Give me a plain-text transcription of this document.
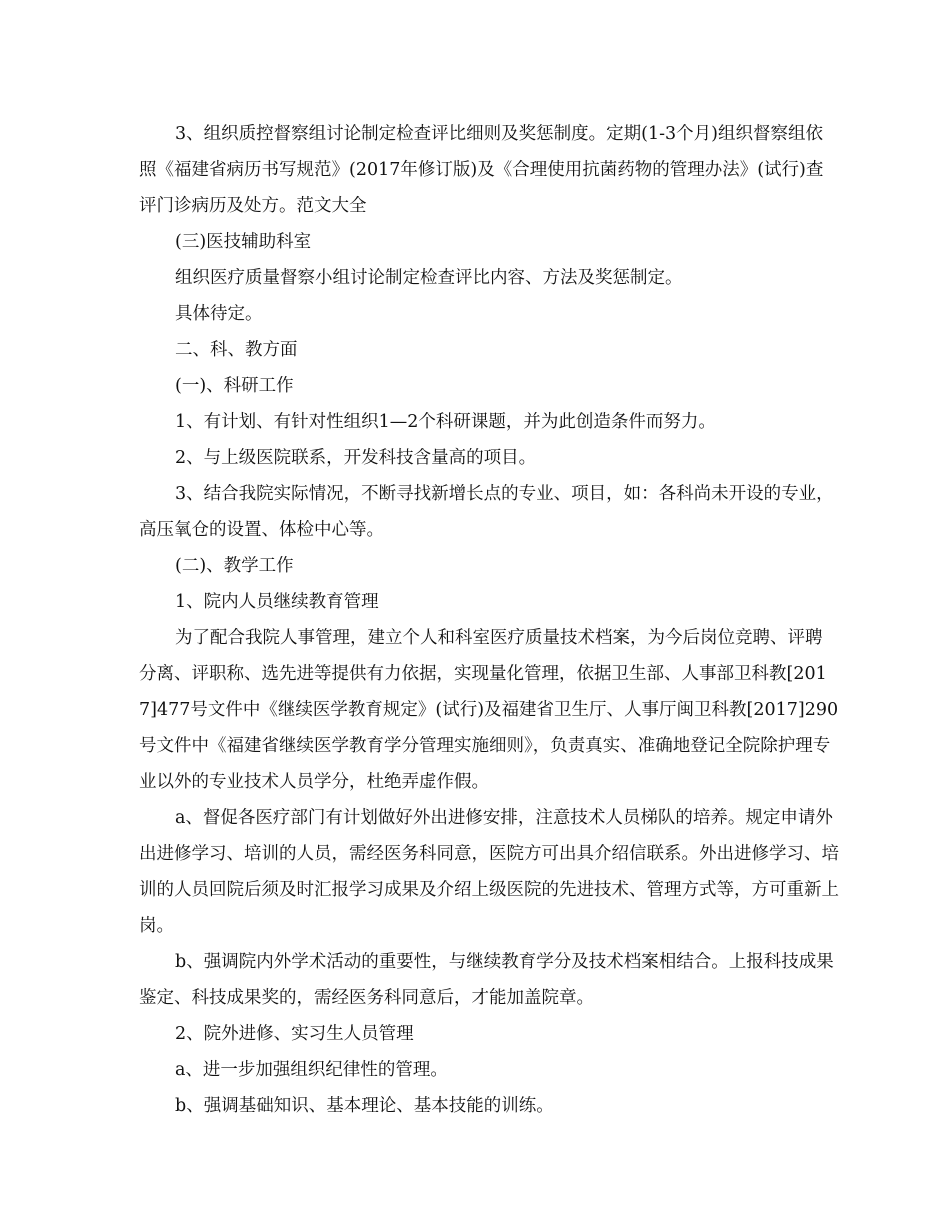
3、组织质控督察组讨论制定检查评比细则及奖惩制度。定期(1-3个月)组织督察组依照《福建省病历书写规范》(2017年修订版)及《合理使用抗菌药物的管理办法》(试行)查评门诊病历及处方。范文大全

(三)医技辅助科室

组织医疗质量督察小组讨论制定检查评比内容、方法及奖惩制定。

具体待定。

二、科、教方面

(一)、科研工作

1、有计划、有针对性组织1—2个科研课题，并为此创造条件而努力。

2、与上级医院联系，开发科技含量高的项目。

3、结合我院实际情况，不断寻找新增长点的专业、项目，如：各科尚未开设的专业，高压氧仓的设置、体检中心等。

(二)、教学工作

1、院内人员继续教育管理

为了配合我院人事管理，建立个人和科室医疗质量技术档案，为今后岗位竞聘、评聘分离、评职称、选先进等提供有力依据，实现量化管理，依据卫生部、人事部卫科教[2017]477号文件中《继续医学教育规定》(试行)及福建省卫生厅、人事厅闽卫科教[2017]290号文件中《福建省继续医学教育学分管理实施细则》，负责真实、准确地登记全院除护理专业以外的专业技术人员学分，杜绝弄虚作假。

a、督促各医疗部门有计划做好外出进修安排，注意技术人员梯队的培养。规定申请外出进修学习、培训的人员，需经医务科同意，医院方可出具介绍信联系。外出进修学习、培训的人员回院后须及时汇报学习成果及介绍上级医院的先进技术、管理方式等，方可重新上岗。

b、强调院内外学术活动的重要性，与继续教育学分及技术档案相结合。上报科技成果鉴定、科技成果奖的，需经医务科同意后，才能加盖院章。

2、院外进修、实习生人员管理

a、进一步加强组织纪律性的管理。

b、强调基础知识、基本理论、基本技能的训练。
